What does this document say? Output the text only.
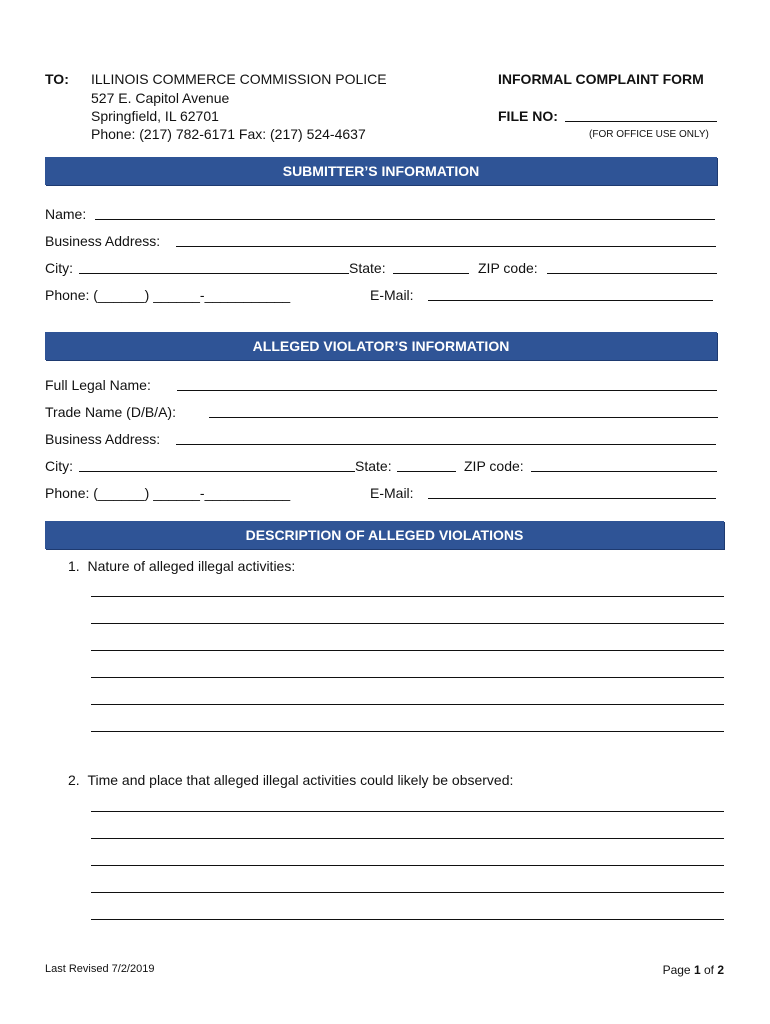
TO: ILLINOIS COMMERCE COMMISSION POLICE
527 E. Capitol Avenue
Springfield, IL 62701
Phone: (217) 782-6171 Fax: (217) 524-4637
INFORMAL COMPLAINT FORM
FILE NO:
(FOR OFFICE USE ONLY)
SUBMITTER’S INFORMATION
Name:
Business Address:
City:	State:	ZIP code:
Phone: (______) ______-___________	E-Mail:
ALLEGED VIOLATOR’S INFORMATION
Full Legal Name:
Trade Name (D/B/A):
Business Address:
City:	State:	ZIP code:
Phone: (______) ______-___________	E-Mail:
DESCRIPTION OF ALLEGED VIOLATIONS
1.  Nature of alleged illegal activities:
2.  Time and place that alleged illegal activities could likely be observed:
Last Revised 7/2/2019	Page 1 of 2
